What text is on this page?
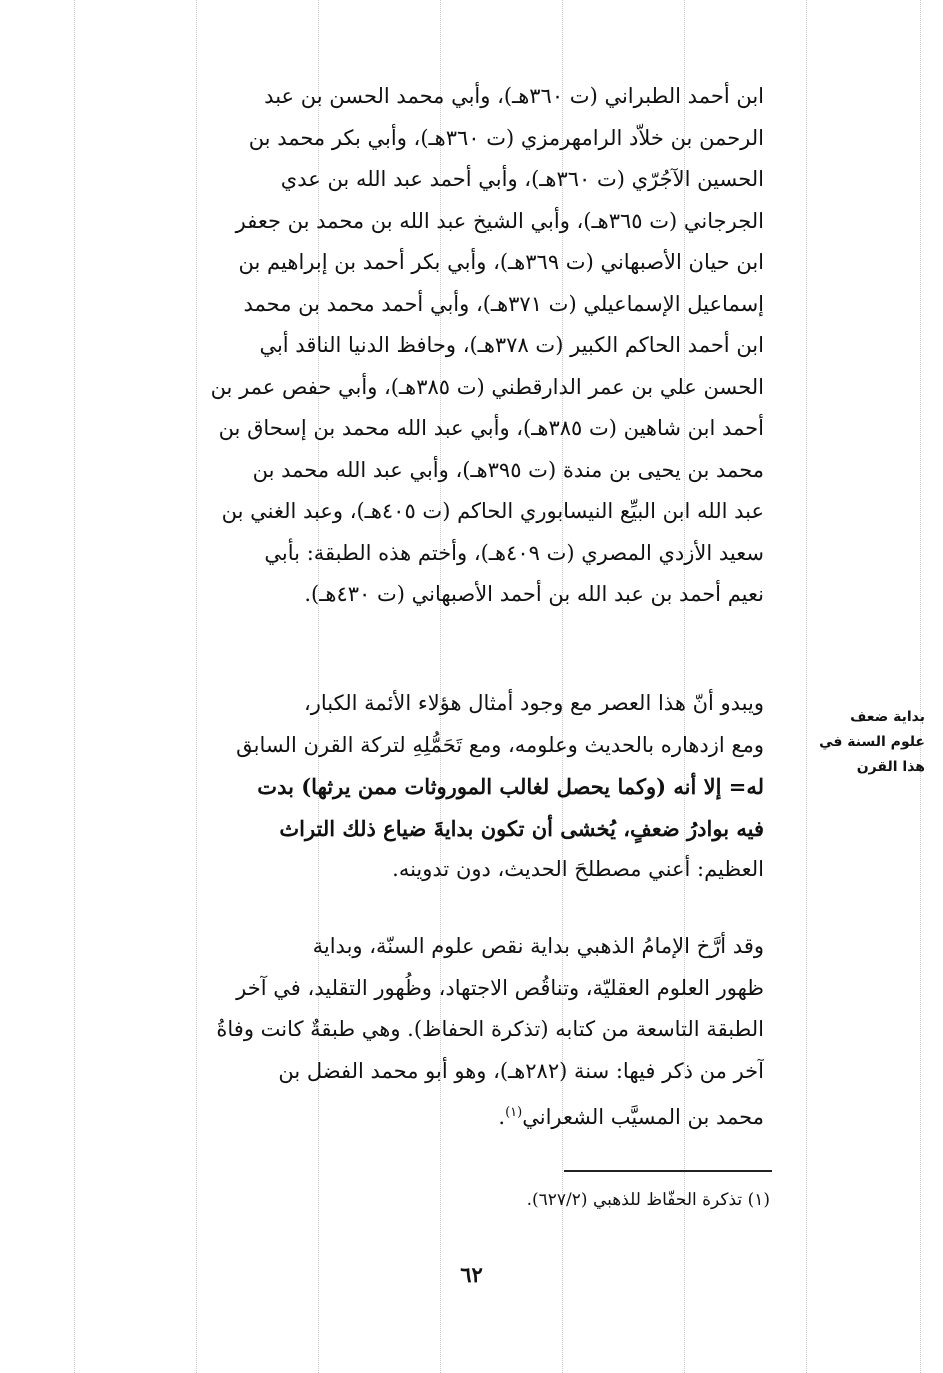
ابن أحمد الطبراني (ت ٣٦٠هـ)، وأبي محمد الحسن بن عبد
الرحمن بن خلاّد الرامهرمزي (ت ٣٦٠هـ)، وأبي بكر محمد بن
الحسين الآجُرّي (ت ٣٦٠هـ)، وأبي أحمد عبد الله بن عدي
الجرجاني (ت ٣٦٥هـ)، وأبي الشيخ عبد الله بن محمد بن جعفر
ابن حيان الأصبهاني (ت ٣٦٩هـ)، وأبي بكر أحمد بن إبراهيم بن
إسماعيل الإسماعيلي (ت ٣٧١هـ)، وأبي أحمد محمد بن محمد
ابن أحمد الحاكم الكبير (ت ٣٧٨هـ)، وحافظ الدنيا الناقد أبي
الحسن علي بن عمر الدارقطني (ت ٣٨٥هـ)، وأبي حفص عمر بن
أحمد ابن شاهين (ت ٣٨٥هـ)، وأبي عبد الله محمد بن إسحاق بن
محمد بن يحيى بن مندة (ت ٣٩٥هـ)، وأبي عبد الله محمد بن
عبد الله ابن البيِّع النيسابوري الحاكم (ت ٤٠٥هـ)، وعبد الغني بن
سعيد الأزدي المصري (ت ٤٠٩هـ)، وأختم هذه الطبقة: بأبي
نعيم أحمد بن عبد الله بن أحمد الأصبهاني (ت ٤٣٠هـ).
بداية ضعف
علوم السنة في
هذا القرن
ويبدو أنّ هذا العصر مع وجود أمثال هؤلاء الأئمة الكبار،
ومع ازدهاره بالحديث وعلومه، ومع تَحَمُّلِهِ لتركة القرن السابق
له= إلا أنه (وكما يحصل لغالب الموروثات ممن يرثها) بدت
فيه بوادرُ ضعفٍ، يُخشى أن تكون بدايةَ ضياع ذلك التراث
العظيم: أعني مصطلحَ الحديث، دون تدوينه.
وقد أرَّخ الإمامُ الذهبي بداية نقص علوم السنّة، وبداية
ظهور العلوم العقليّة، وتناقُص الاجتهاد، وظُهور التقليد، في آخر
الطبقة التاسعة من كتابه (تذكرة الحفاظ). وهي طبقةٌ كانت وفاةُ
آخر من ذكر فيها: سنة (٢٨٢هـ)، وهو أبو محمد الفضل بن
محمد بن المسيَّب الشعراني$^{(١)}$.
(١) تذكرة الحفّاظ للذهبي (٦٢٧/٢).
٦٢
